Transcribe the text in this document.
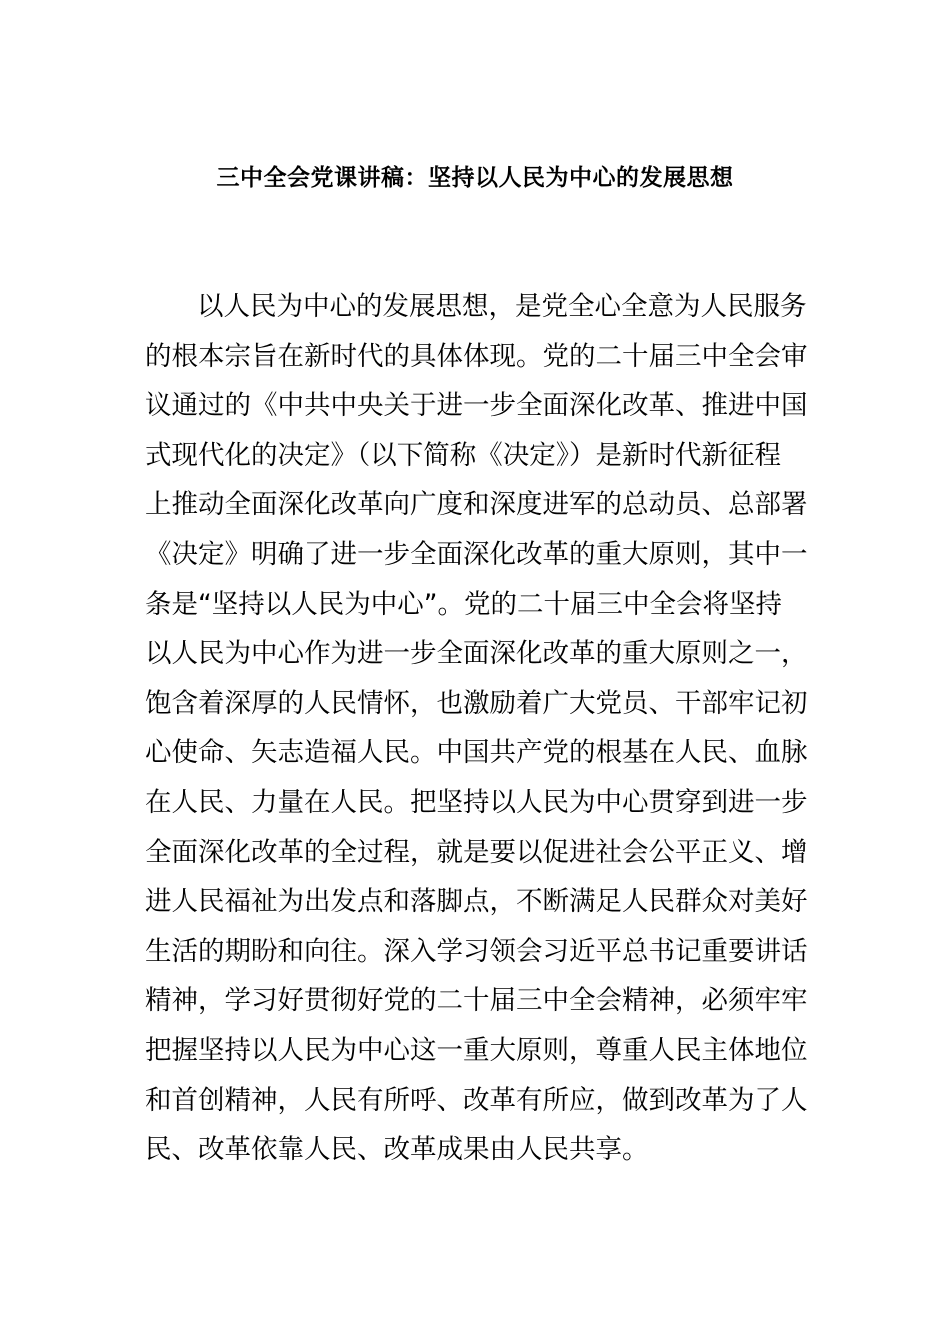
三中全会党课讲稿：坚持以人民为中心的发展思想
以人民为中心的发展思想，是党全心全意为人民服务
的根本宗旨在新时代的具体体现。党的二十届三中全会审
议通过的《中共中央关于进一步全面深化改革、推进中国
式现代化的决定》（以下简称《决定》）是新时代新征程
上推动全面深化改革向广度和深度进军的总动员、总部署
《决定》明确了进一步全面深化改革的重大原则，其中一
条是“坚持以人民为中心”。党的二十届三中全会将坚持
以人民为中心作为进一步全面深化改革的重大原则之一，
饱含着深厚的人民情怀，也激励着广大党员、干部牢记初
心使命、矢志造福人民。中国共产党的根基在人民、血脉
在人民、力量在人民。把坚持以人民为中心贯穿到进一步
全面深化改革的全过程，就是要以促进社会公平正义、增
进人民福祉为出发点和落脚点，不断满足人民群众对美好
生活的期盼和向往。深入学习领会习近平总书记重要讲话
精神，学习好贯彻好党的二十届三中全会精神，必须牢牢
把握坚持以人民为中心这一重大原则，尊重人民主体地位
和首创精神，人民有所呼、改革有所应，做到改革为了人
民、改革依靠人民、改革成果由人民共享。
